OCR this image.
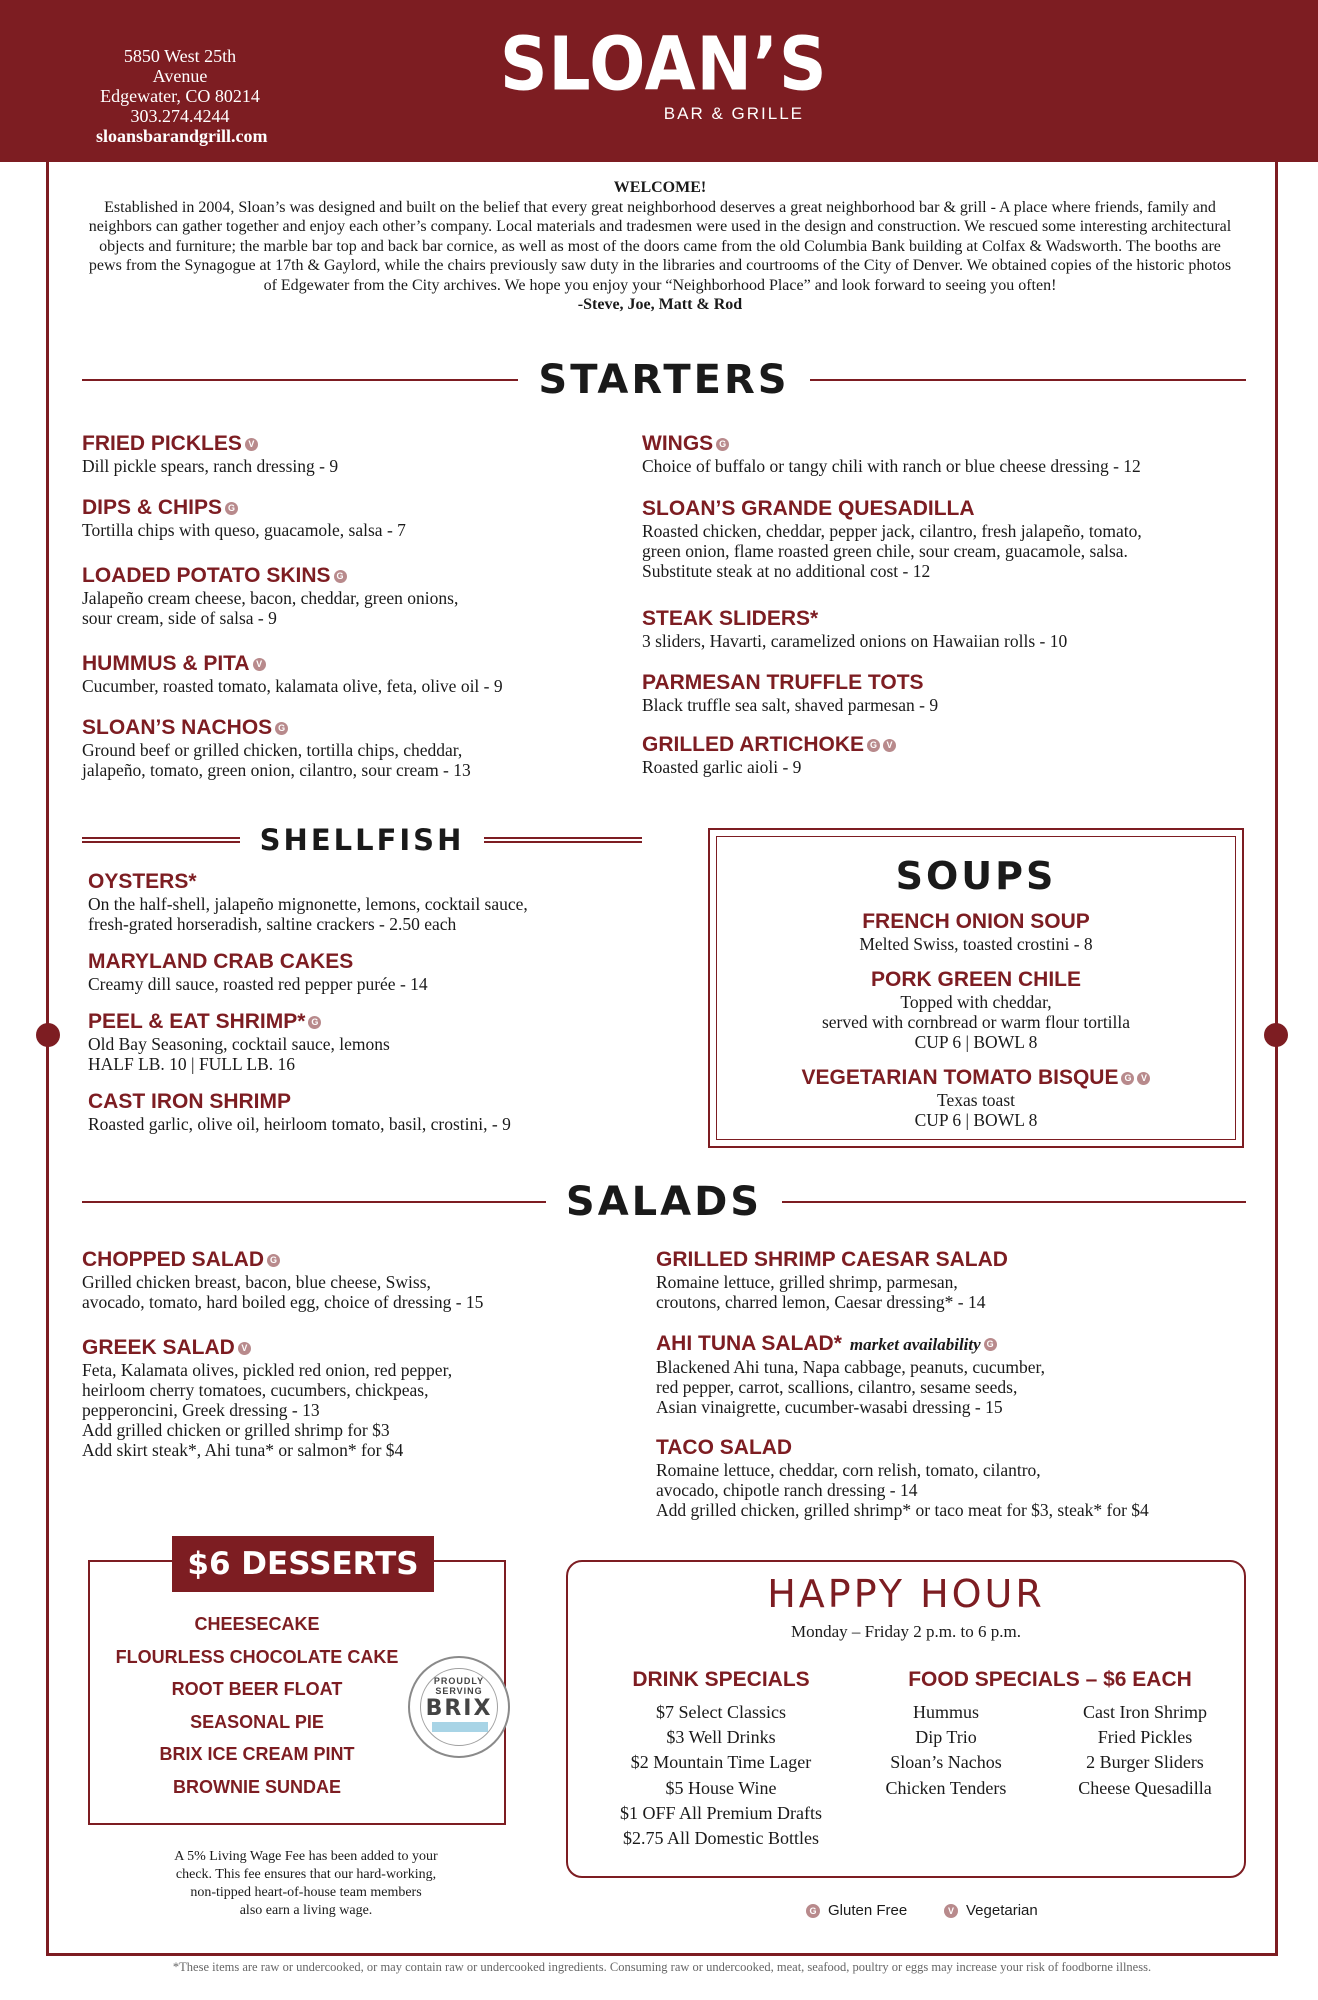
5850 West 25th Avenue
Edgewater, CO 80214
303.274.4244
sloansbarandgrill.com
SLOAN’S
BAR & GRILLE
WELCOME!
Established in 2004, Sloan’s was designed and built on the belief that every great neighborhood deserves a great neighborhood bar & grill - A place where friends, family and neighbors can gather together and enjoy each other’s company. Local materials and tradesmen were used in the design and construction. We rescued some interesting architectural objects and furniture; the marble bar top and back bar cornice, as well as most of the doors came from the old Columbia Bank building at Colfax & Wadsworth. The booths are pews from the Synagogue at 17th & Gaylord, while the chairs previously saw duty in the libraries and courtrooms of the City of Denver. We obtained copies of the historic photos of Edgewater from the City archives. We hope you enjoy your “Neighborhood Place” and look forward to seeing you often!
-Steve, Joe, Matt & Rod
STARTERS
FRIED PICKLES V
Dill pickle spears, ranch dressing - 9
DIPS & CHIPS G
Tortilla chips with queso, guacamole, salsa - 7
LOADED POTATO SKINS G
Jalapeño cream cheese, bacon, cheddar, green onions,
sour cream, side of salsa - 9
HUMMUS & PITA V
Cucumber, roasted tomato, kalamata olive, feta, olive oil - 9
SLOAN’S NACHOS G
Ground beef or grilled chicken, tortilla chips, cheddar,
jalapeño, tomato, green onion, cilantro, sour cream - 13
WINGS G
Choice of buffalo or tangy chili with ranch or blue cheese dressing - 12
SLOAN’S GRANDE QUESADILLA
Roasted chicken, cheddar, pepper jack, cilantro, fresh jalapeño, tomato,
green onion, flame roasted green chile, sour cream, guacamole, salsa.
Substitute steak at no additional cost - 12
STEAK SLIDERS*
3 sliders, Havarti, caramelized onions on Hawaiian rolls - 10
PARMESAN TRUFFLE TOTS
Black truffle sea salt, shaved parmesan - 9
GRILLED ARTICHOKE G V
Roasted garlic aioli - 9
SHELLFISH
OYSTERS*
On the half-shell, jalapeño mignonette, lemons, cocktail sauce,
fresh-grated horseradish, saltine crackers - 2.50 each
MARYLAND CRAB CAKES
Creamy dill sauce, roasted red pepper purée - 14
PEEL & EAT SHRIMP* G
Old Bay Seasoning, cocktail sauce, lemons
HALF LB. 10 | FULL LB. 16
CAST IRON SHRIMP
Roasted garlic, olive oil, heirloom tomato, basil, crostini, - 9
SOUPS
FRENCH ONION SOUP
Melted Swiss, toasted crostini - 8
PORK GREEN CHILE
Topped with cheddar,
served with cornbread or warm flour tortilla
CUP 6 | BOWL 8
VEGETARIAN TOMATO BISQUE G V
Texas toast
CUP 6 | BOWL 8
SALADS
CHOPPED SALAD G
Grilled chicken breast, bacon, blue cheese, Swiss,
avocado, tomato, hard boiled egg, choice of dressing - 15
GREEK SALAD V
Feta, Kalamata olives, pickled red onion, red pepper,
heirloom cherry tomatoes, cucumbers, chickpeas,
pepperoncini, Greek dressing - 13
Add grilled chicken or grilled shrimp for $3
Add skirt steak*, Ahi tuna* or salmon* for $4
GRILLED SHRIMP CAESAR SALAD
Romaine lettuce, grilled shrimp, parmesan,
croutons, charred lemon, Caesar dressing* - 14
AHI TUNA SALAD* market availability G
Blackened Ahi tuna, Napa cabbage, peanuts, cucumber,
red pepper, carrot, scallions, cilantro, sesame seeds,
Asian vinaigrette, cucumber-wasabi dressing - 15
TACO SALAD
Romaine lettuce, cheddar, corn relish, tomato, cilantro,
avocado, chipotle ranch dressing - 14
Add grilled chicken, grilled shrimp* or taco meat for $3, steak* for $4
$6 DESSERTS
CHEESECAKE
FLOURLESS CHOCOLATE CAKE
ROOT BEER FLOAT
SEASONAL PIE
BRIX ICE CREAM PINT
BROWNIE SUNDAE
PROUDLY SERVING
BRIX
A 5% Living Wage Fee has been added to your
check. This fee ensures that our hard-working,
non-tipped heart-of-house team members
also earn a living wage.
HAPPY HOUR
Monday – Friday 2 p.m. to 6 p.m.
DRINK SPECIALS	FOOD SPECIALS – $6 EACH
$7 Select Classics
$3 Well Drinks
$2 Mountain Time Lager
$5 House Wine
$1 OFF All Premium Drafts
$2.75 All Domestic Bottles
Hummus
Dip Trio
Sloan’s Nachos
Chicken Tenders
Cast Iron Shrimp
Fried Pickles
2 Burger Sliders
Cheese Quesadilla
G Gluten Free	V Vegetarian
*These items are raw or undercooked, or may contain raw or undercooked ingredients. Consuming raw or undercooked, meat, seafood, poultry or eggs may increase your risk of foodborne illness.
